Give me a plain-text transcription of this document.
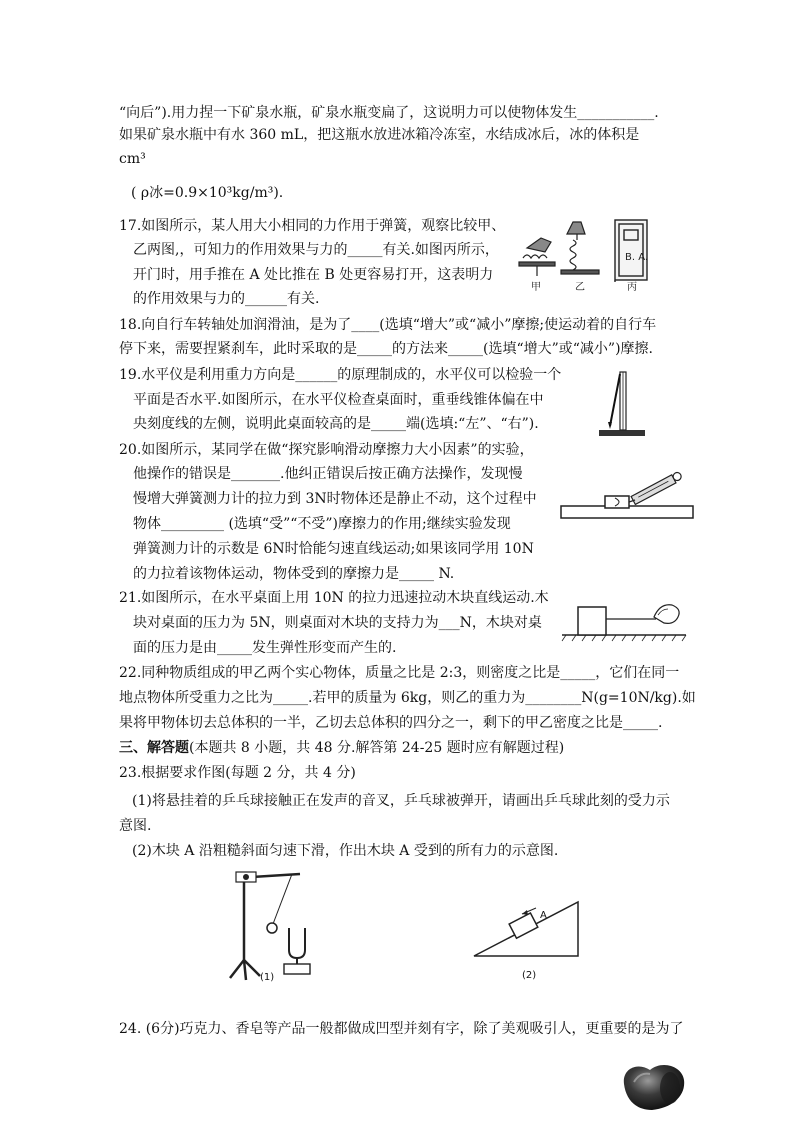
“向后”).用力捏一下矿泉水瓶，矿泉水瓶变扁了，这说明力可以使物体发生___________.
如果矿泉水瓶中有水 360 mL，把这瓶水放进冰箱冷冻室，水结成冰后，冰的体积是
cm³
( ρ冰=0.9×10³kg/m³).
17.如图所示，某人用大小相同的力作用于弹簧，观察比较甲、
乙两图,，可知力的作用效果与力的_____有关.如图丙所示，
开门时，用手推在 A 处比推在 B 处更容易打开，这表明力
的作用效果与力的______有关.
B. A.
甲	乙	丙
18.向自行车转轴处加润滑油，是为了____(选填“增大”或“减小”摩擦;使运动着的自行车
停下来，需要捏紧刹车，此时采取的是_____的方法来_____(选填“增大”或“减小”)摩擦.
19.水平仪是利用重力方向是______的原理制成的，水平仪可以检验一个
平面是否水平.如图所示，在水平仪检查桌面时，重垂线锥体偏在中
央刻度线的左侧，说明此桌面较高的是_____端(选填:“左”、“右”).
20.如图所示，某同学在做“探究影响滑动摩擦力大小因素”的实验，
他操作的错误是_______.他纠正错误后按正确方法操作，发现慢
慢增大弹簧测力计的拉力到 3N时物体还是静止不动，这个过程中
物体_________ (选填“受”“不受”)摩擦力的作用;继续实验发现
弹簧测力计的示数是 6N时恰能匀速直线运动;如果该同学用 10N
的力拉着该物体运动，物体受到的摩擦力是_____ N.
21.如图所示，在水平桌面上用 10N 的拉力迅速拉动木块直线运动.木
块对桌面的压力为 5N，则桌面对木块的支持力为___N，木块对桌
面的压力是由_____发生弹性形变而产生的.
22.同种物质组成的甲乙两个实心物体，质量之比是 2:3，则密度之比是_____，它们在同一
地点物体所受重力之比为_____.若甲的质量为 6kg，则乙的重力为________N(g=10N/kg).如
果将甲物体切去总体积的一半，乙切去总体积的四分之一，剩下的甲乙密度之比是_____.
三、解答题(本题共 8 小题，共 48 分.解答第 24-25 题时应有解题过程)
23.根据要求作图(每题 2 分，共 4 分)
(1)将悬挂着的乒乓球接触正在发声的音叉，乒乓球被弹开，请画出乒乓球此刻的受力示
意图.
(2)木块 A 沿粗糙斜面匀速下滑，作出木块 A 受到的所有力的示意图.
(1)
A
(2)
24. (6分)巧克力、香皂等产品一般都做成凹型并刻有字，除了美观吸引人，更重要的是为了
